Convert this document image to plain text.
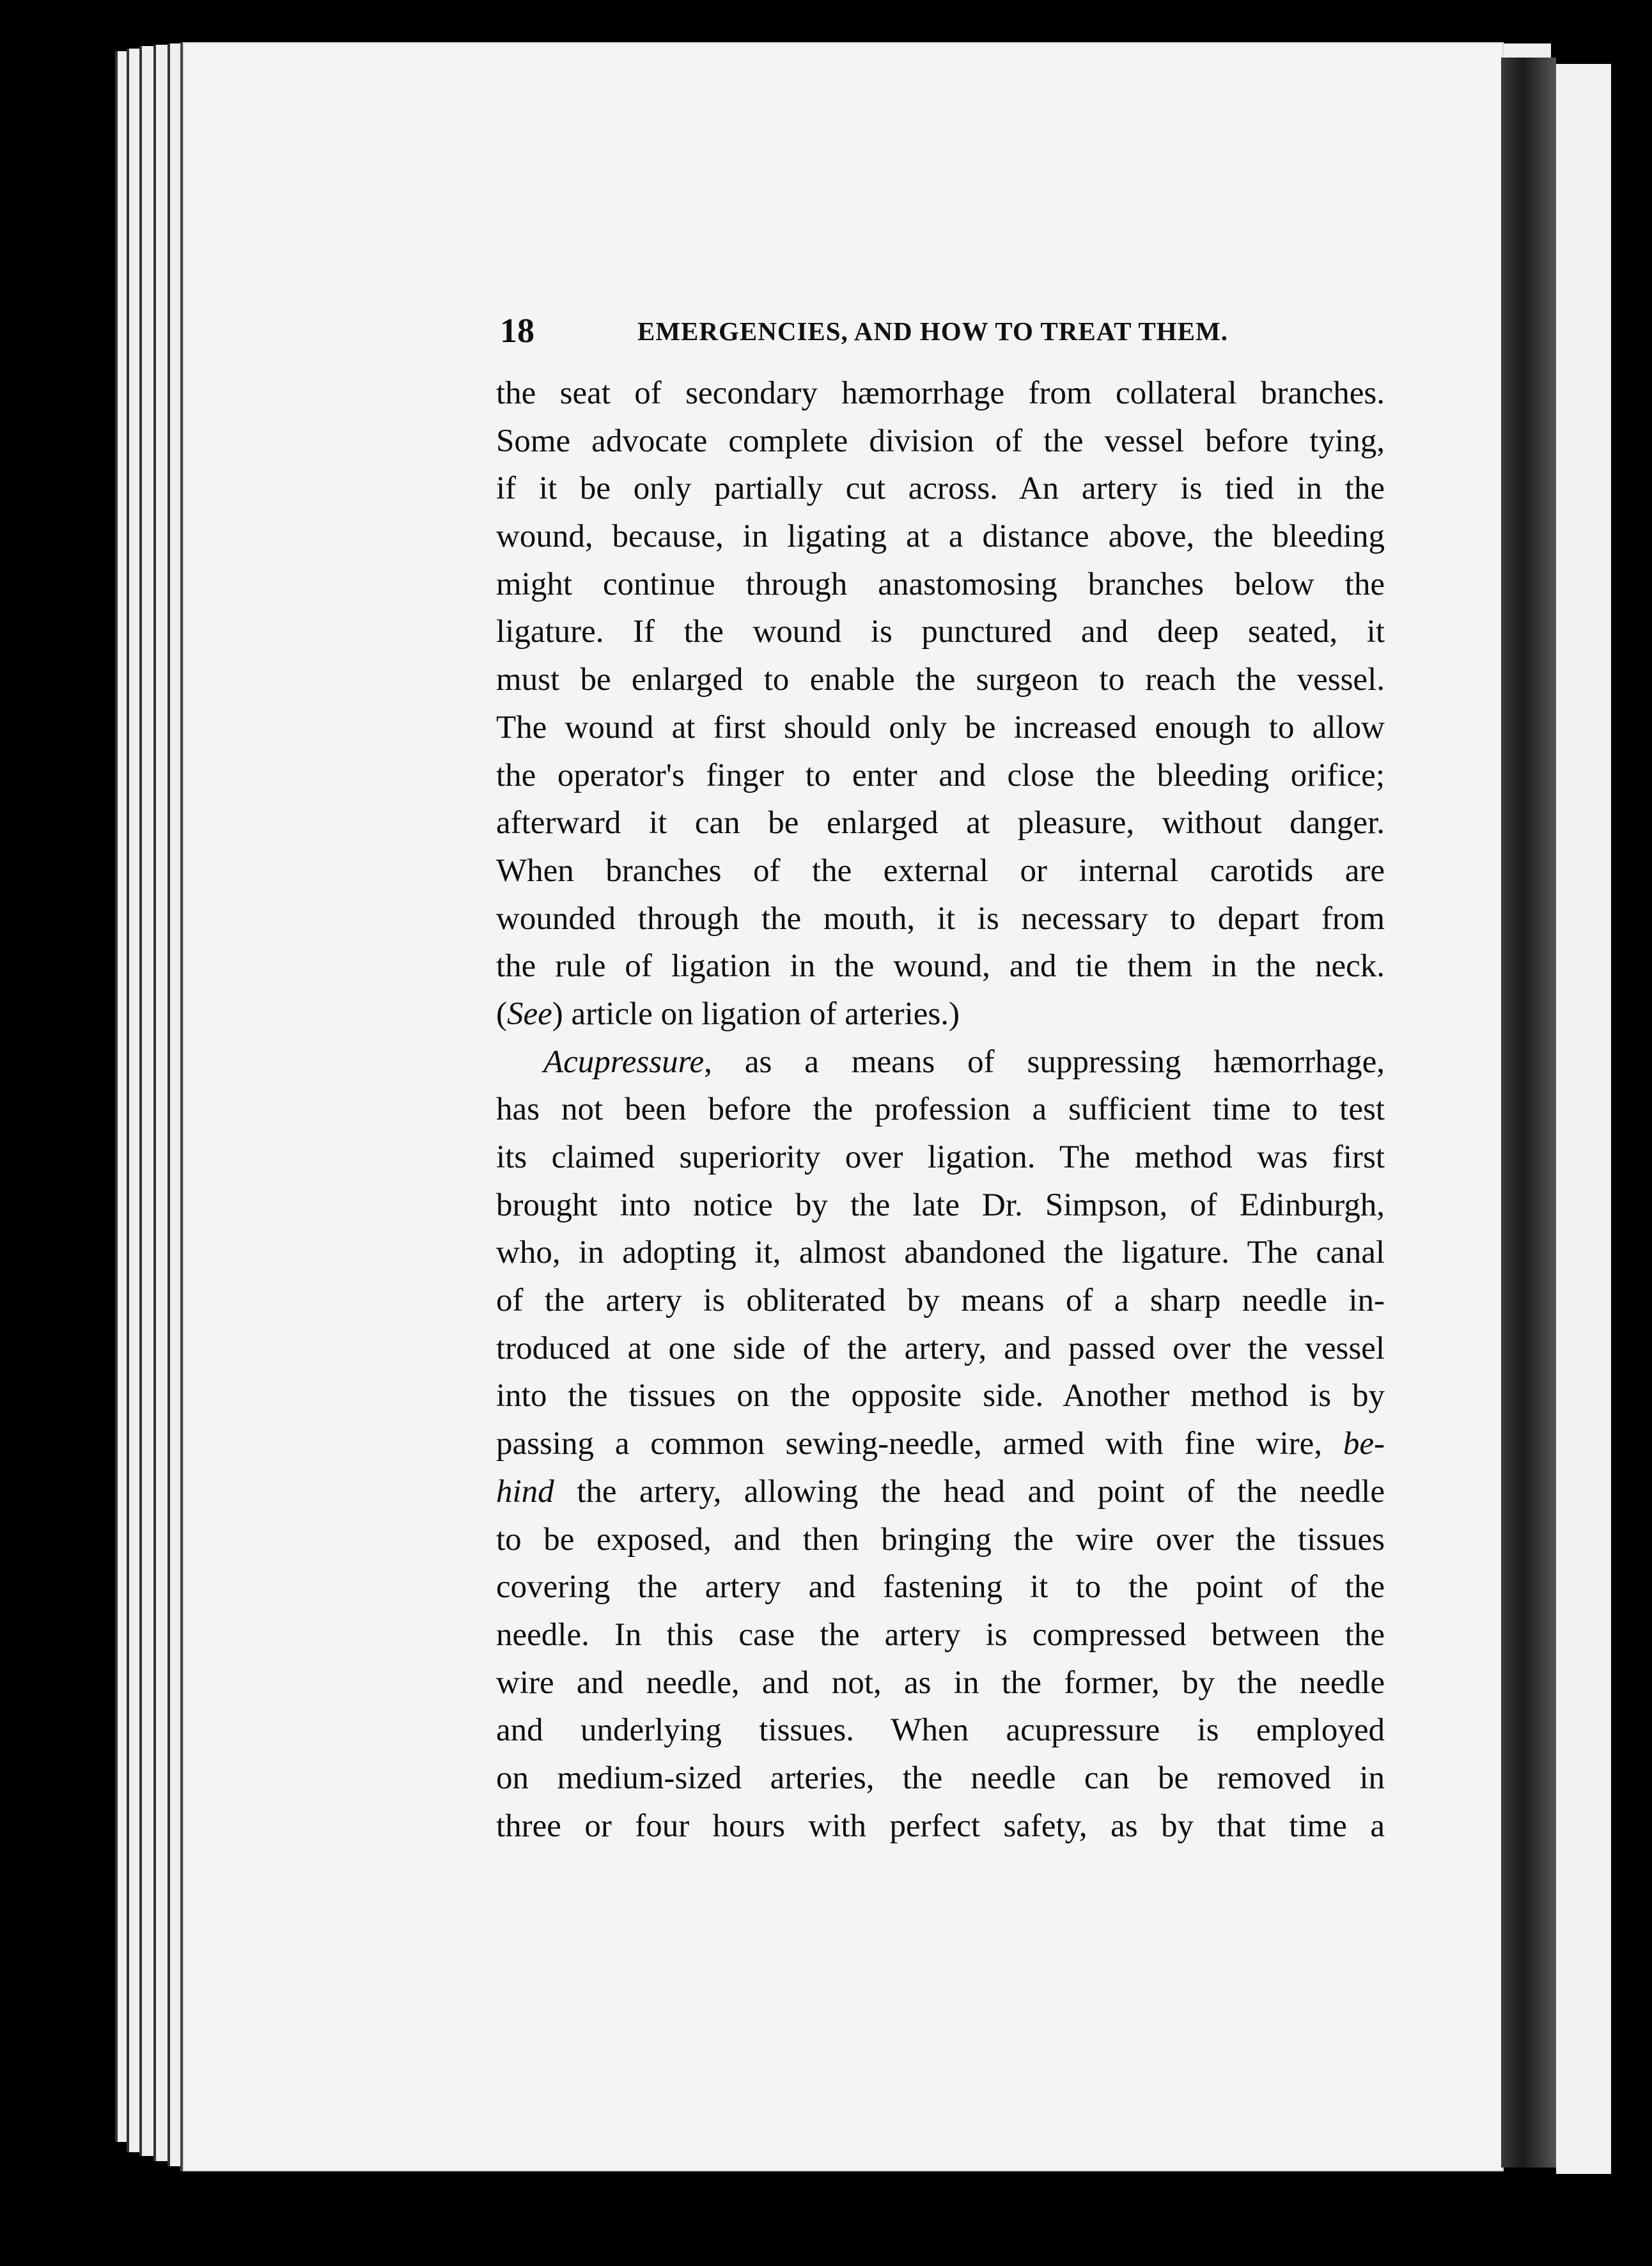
18	EMERGENCIES, AND HOW TO TREAT THEM.
the seat of secondary hæmorrhage from collateral branches.
Some advocate complete division of the vessel before tying,
if it be only partially cut across. An artery is tied in the
wound, because, in ligating at a distance above, the bleeding
might continue through anastomosing branches below the
ligature. If the wound is punctured and deep seated, it
must be enlarged to enable the surgeon to reach the vessel.
The wound at first should only be increased enough to allow
the operator's finger to enter and close the bleeding orifice;
afterward it can be enlarged at pleasure, without danger.
When branches of the external or internal carotids are
wounded through the mouth, it is necessary to depart from
the rule of ligation in the wound, and tie them in the neck.
(See) article on ligation of arteries.)
Acupressure, as a means of suppressing hæmorrhage,
has not been before the profession a sufficient time to test
its claimed superiority over ligation. The method was first
brought into notice by the late Dr. Simpson, of Edinburgh,
who, in adopting it, almost abandoned the ligature. The canal
of the artery is obliterated by means of a sharp needle in-
troduced at one side of the artery, and passed over the vessel
into the tissues on the opposite side. Another method is by
passing a common sewing-needle, armed with fine wire, be-
hind the artery, allowing the head and point of the needle
to be exposed, and then bringing the wire over the tissues
covering the artery and fastening it to the point of the
needle. In this case the artery is compressed between the
wire and needle, and not, as in the former, by the needle
and underlying tissues. When acupressure is employed
on medium-sized arteries, the needle can be removed in
three or four hours with perfect safety, as by that time a
